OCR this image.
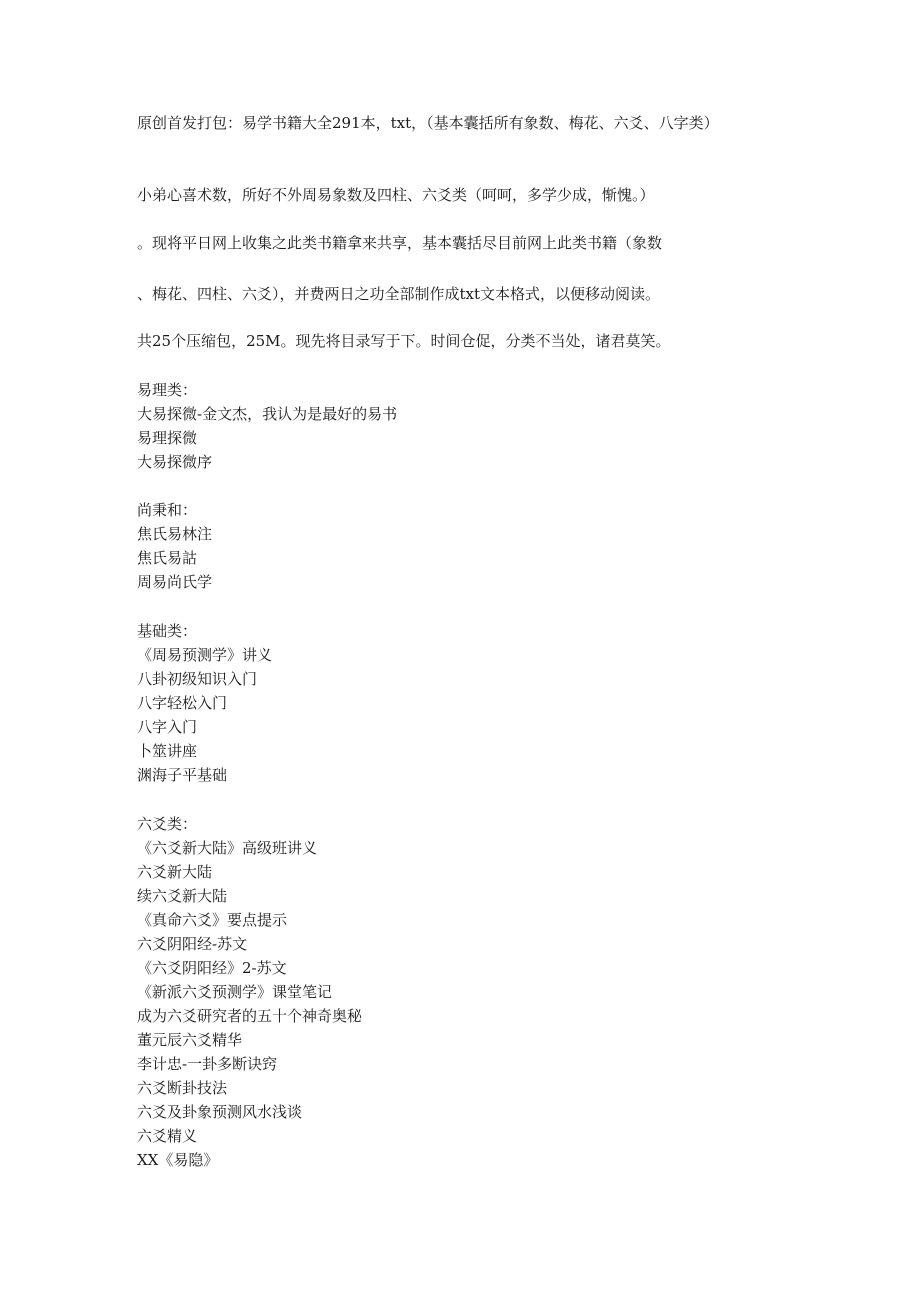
原创首发打包：易学书籍大全291本，txt，（基本囊括所有象数、梅花、六爻、八字类）
小弟心喜术数，所好不外周易象数及四柱、六爻类（呵呵，多学少成，惭愧。）
。现将平日网上收集之此类书籍拿来共享，基本囊括尽目前网上此类书籍（象数
、梅花、四柱、六爻），并费两日之功全部制作成txt文本格式，以便移动阅读。
共25个压缩包，25M。现先将目录写于下。时间仓促，分类不当处，诸君莫笑。
易理类：
大易探微-金文杰，我认为是最好的易书
易理探微
大易探微序
尚秉和：
焦氏易林注
焦氏易詁
周易尚氏学
基础类：
《周易预测学》讲义
八卦初级知识入门
八字轻松入门
八字入门
卜筮讲座
渊海子平基础
六爻类：
《六爻新大陆》高级班讲义
六爻新大陆
续六爻新大陆
《真命六爻》要点提示
六爻阴阳经-苏文
《六爻阴阳经》2-苏文
《新派六爻预测学》课堂笔记
成为六爻研究者的五十个神奇奥秘
董元辰六爻精华
李计忠-一卦多断诀窍
六爻断卦技法
六爻及卦象预测风水浅谈
六爻精义
XX《易隐》
